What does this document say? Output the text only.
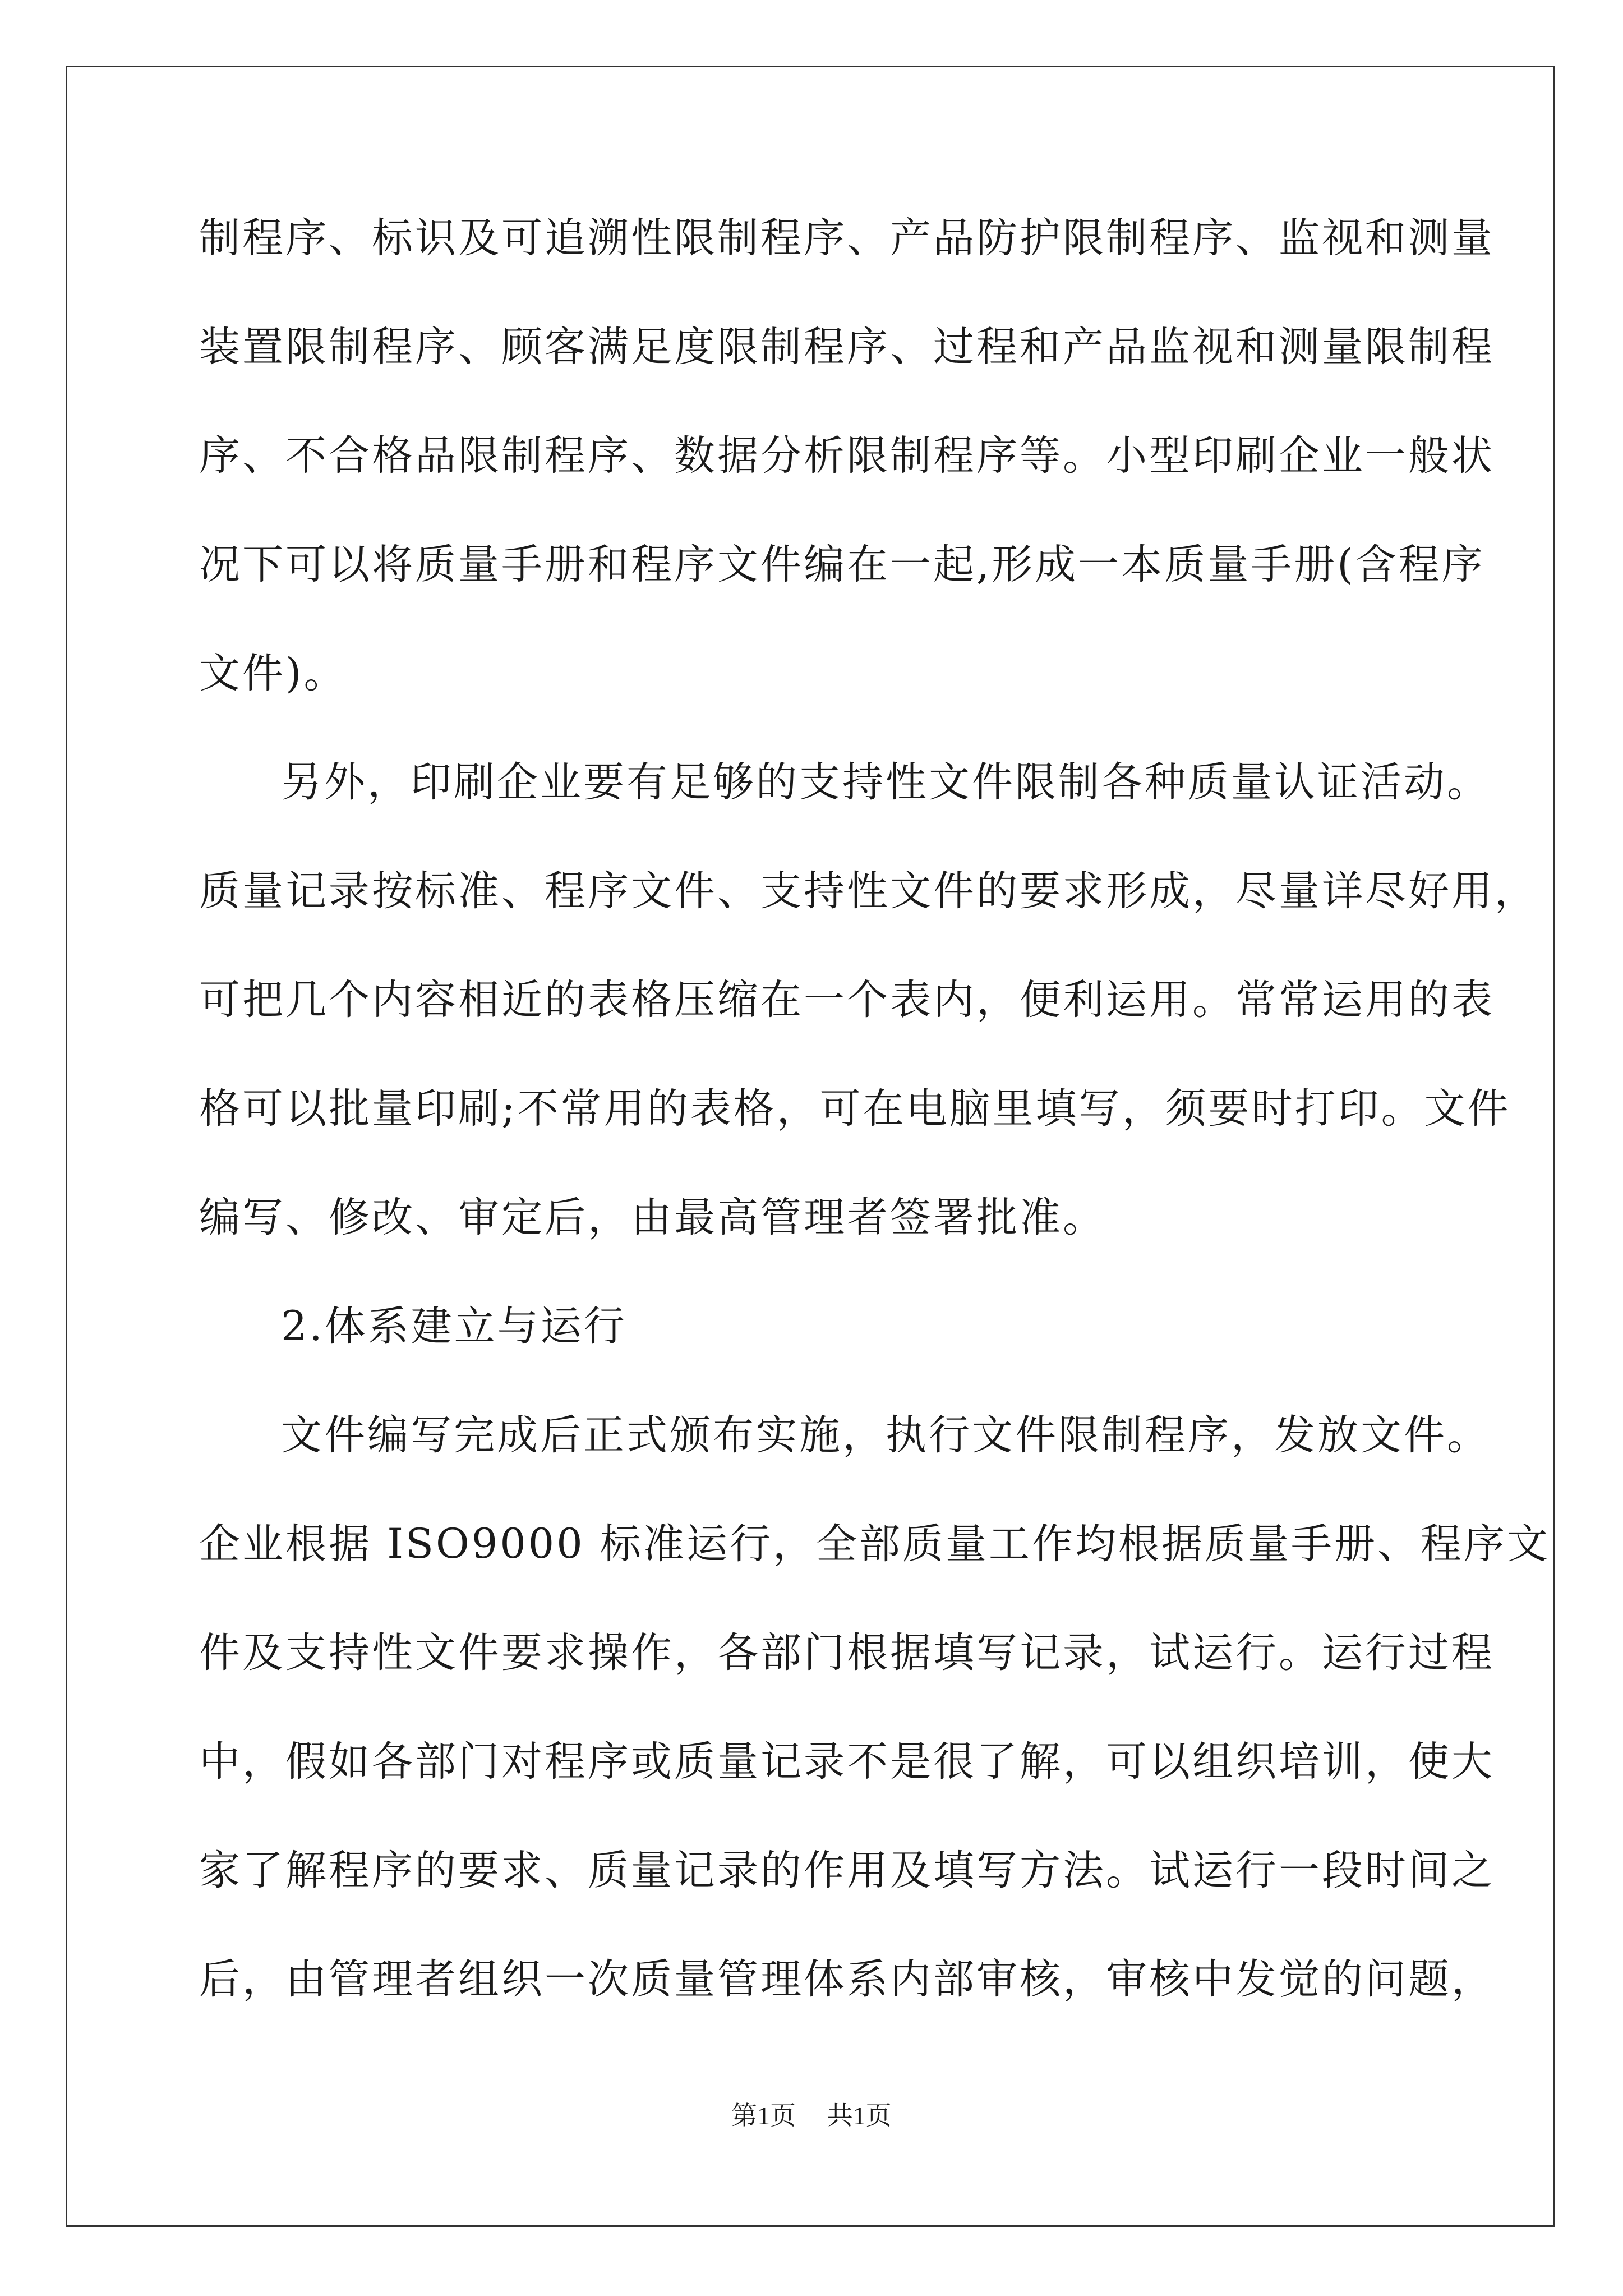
制程序、标识及可追溯性限制程序、产品防护限制程序、监视和测量
装置限制程序、顾客满足度限制程序、过程和产品监视和测量限制程
序、不合格品限制程序、数据分析限制程序等。小型印刷企业一般状
况下可以将质量手册和程序文件编在一起,形成一本质量手册(含程序
文件)。
另外，印刷企业要有足够的支持性文件限制各种质量认证活动。
质量记录按标准、程序文件、支持性文件的要求形成，尽量详尽好用，
可把几个内容相近的表格压缩在一个表内，便利运用。常常运用的表
格可以批量印刷;不常用的表格，可在电脑里填写，须要时打印。文件
编写、修改、审定后，由最高管理者签署批准。
2.体系建立与运行
文件编写完成后正式颁布实施，执行文件限制程序，发放文件。
企业根据 ISO9000 标准运行，全部质量工作均根据质量手册、程序文
件及支持性文件要求操作，各部门根据填写记录，试运行。运行过程
中，假如各部门对程序或质量记录不是很了解，可以组织培训，使大
家了解程序的要求、质量记录的作用及填写方法。试运行一段时间之
后，由管理者组织一次质量管理体系内部审核，审核中发觉的问题，
第1页 共1页
